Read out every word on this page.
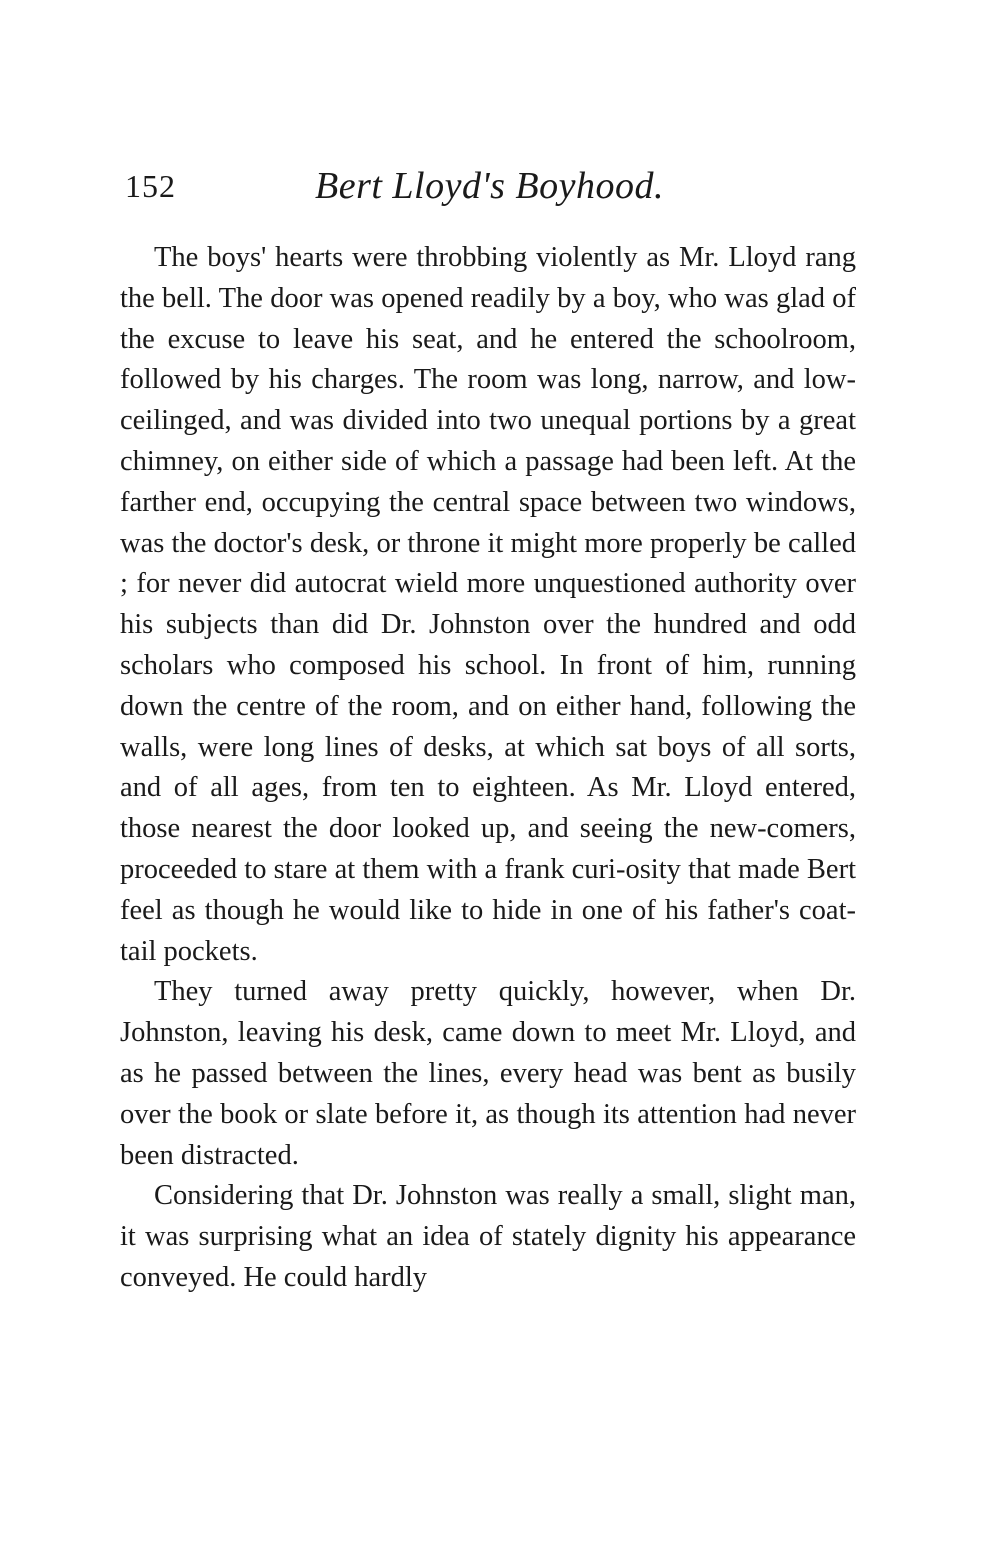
152	Bert Lloyd's Boyhood.

The boys' hearts were throbbing violently as Mr. Lloyd rang the bell. The door was opened readily by a boy, who was glad of the excuse to leave his seat, and he entered the schoolroom, followed by his charges. The room was long, narrow, and low-ceilinged, and was divided into two unequal portions by a great chimney, on either side of which a passage had been left. At the farther end, occupying the central space between two windows, was the doctor's desk, or throne it might more properly be called ; for never did autocrat wield more unquestioned authority over his subjects than did Dr. Johnston over the hundred and odd scholars who composed his school. In front of him, running down the centre of the room, and on either hand, following the walls, were long lines of desks, at which sat boys of all sorts, and of all ages, from ten to eighteen. As Mr. Lloyd entered, those nearest the door looked up, and seeing the new-comers, proceeded to stare at them with a frank curi-osity that made Bert feel as though he would like to hide in one of his father's coat-tail pockets.

They turned away pretty quickly, however, when Dr. Johnston, leaving his desk, came down to meet Mr. Lloyd, and as he passed between the lines, every head was bent as busily over the book or slate before it, as though its attention had never been distracted.

Considering that Dr. Johnston was really a small, slight man, it was surprising what an idea of stately dignity his appearance conveyed. He could hardly
